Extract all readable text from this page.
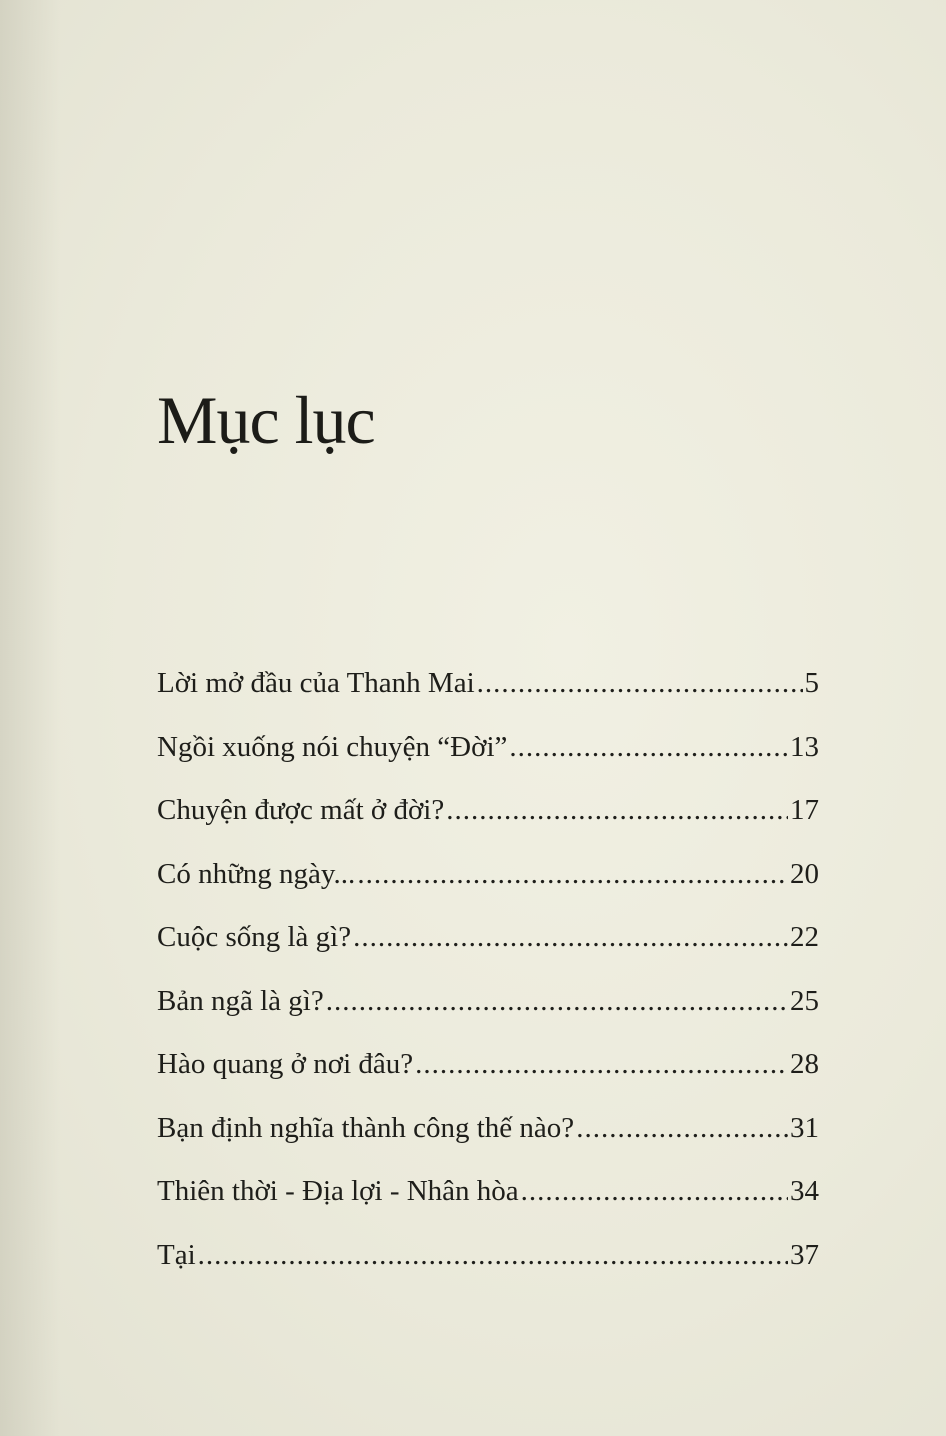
Mục lục
Lời mở đầu của Thanh Mai .....	5
Ngồi xuống nói chuyện “Đời” .....	13
Chuyện được mất ở đời? .....	17
Có những ngày... .....	20
Cuộc sống là gì? .....	22
Bản ngã là gì? .....	25
Hào quang ở nơi đâu? .....	28
Bạn định nghĩa thành công thế nào? .....	31
Thiên thời - Địa lợi - Nhân hòa .....	34
Tại .....	37
